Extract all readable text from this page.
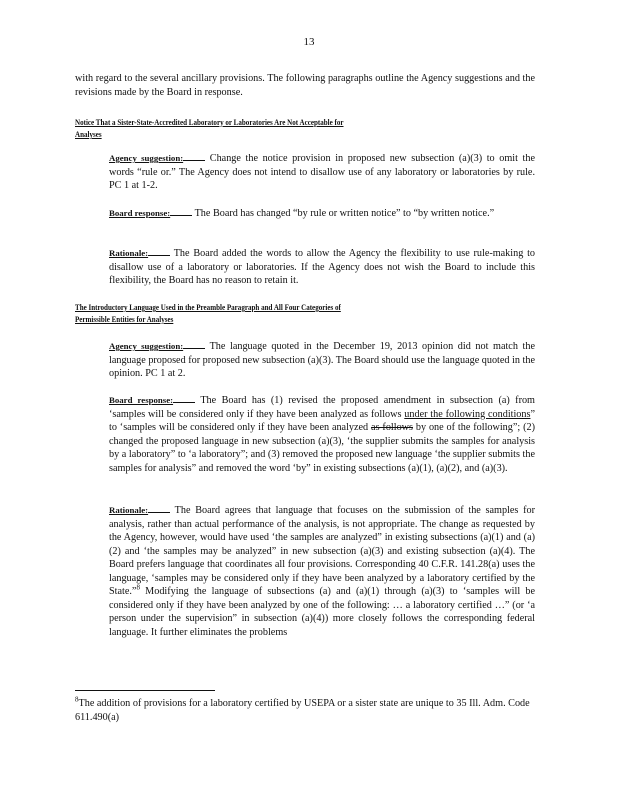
13
with regard to the several ancillary provisions. The following paragraphs outline the Agency suggestions and the revisions made by the Board in response.
Notice That a Sister-State-Accredited Laboratory or Laboratories Are Not Acceptable for
Analyses
Agency suggestion:	Change the notice provision in proposed new subsection (a)(3) to omit the words “rule or.” The Agency does not intend to disallow use of any laboratory or laboratories by rule. PC 1 at 1-2.
Board response: The Board has changed “by rule or written notice” to “by written notice.”
Rationale:	The Board added the words to allow the Agency the flexibility to use rule-making to disallow use of a laboratory or laboratories. If the Agency does not wish the Board to include this flexibility, the Board has no reason to retain it.
The Introductory Language Used in the Preamble Paragraph and All Four Categories of
Permissible Entities for Analyses
Agency suggestion:	The language quoted in the December 19, 2013 opinion did not match the language proposed for proposed new subsection (a)(3). The Board should use the language quoted in the opinion. PC 1 at 2.
Board response:	The Board has (1) revised the proposed amendment in subsection (a) from ‘samples will be considered only if they have been analyzed as follows under the following conditions” to ‘samples will be considered only if they have been analyzed as follows by one of the following”; (2) changed the proposed language in new subsection (a)(3), ‘the supplier submits the samples for analysis by a laboratory” to ‘a laboratory”; and (3) removed the proposed new language ‘the supplier submits the samples for analysis” and removed the word ‘by” in existing subsections (a)(1), (a)(2), and (a)(3).
Rationale:	The Board agrees that language that focuses on the submission of the samples for analysis, rather than actual performance of the analysis, is not appropriate. The change as requested by the Agency, however, would have used ‘the samples are analyzed” in existing subsections (a)(1) and (a)(2) and ‘the samples may be analyzed” in new subsection (a)(3) and existing subsection (a)(4). The Board prefers language that coordinates all four provisions. Corresponding 40 C.F.R. 141.28(a) uses the language, ‘samples may be considered only if they have been analyzed by a laboratory certified by the State.”$^8$ Modifying the language of subsections (a) and (a)(1) through (a)(3) to ‘samples will be considered only if they have been analyzed by one of the following: … a laboratory certified …” (or ‘a person under the supervision” in subsection (a)(4)) more closely follows the corresponding federal language. It further eliminates the problems
$^8$The addition of provisions for a laboratory certified by USEPA or a sister state are unique to 35 Ill. Adm. Code 611.490(a)
